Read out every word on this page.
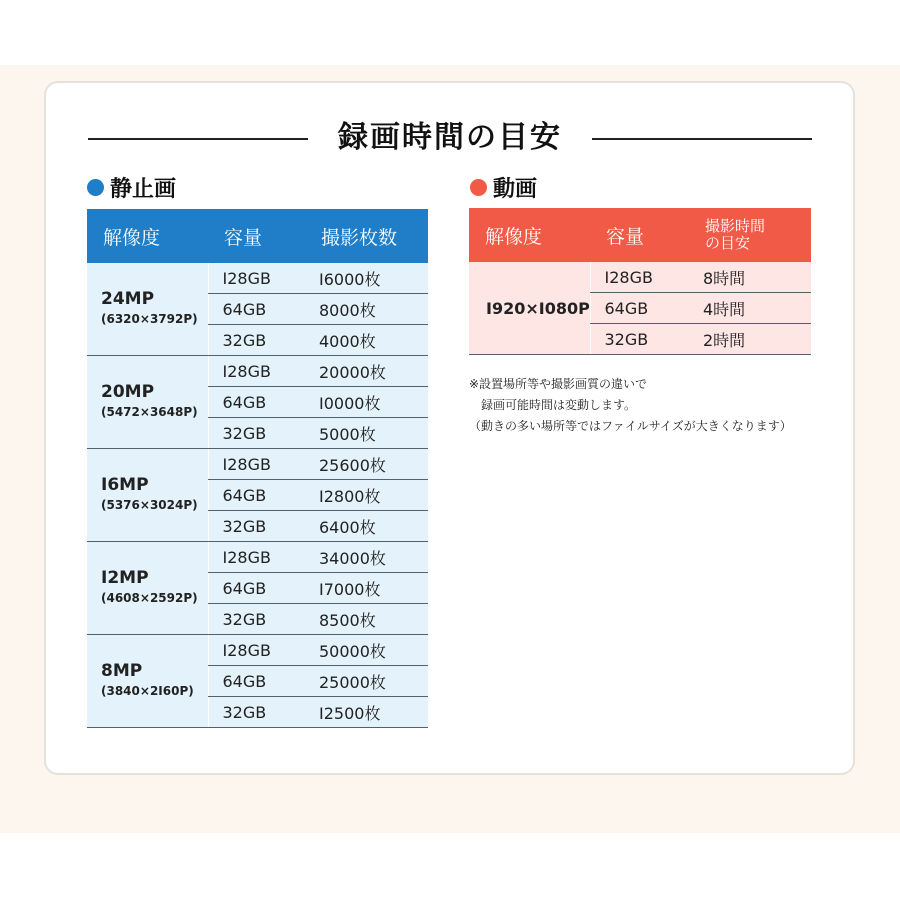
録画時間の目安
静止画	動画
解像度	容量	撮影枚数
24MP
(6320×3792P)	I28GB	I6000枚
	64GB	8000枚
	32GB	4000枚
20MP
(5472×3648P)	I28GB	20000枚
	64GB	I0000枚
	32GB	5000枚
I6MP
(5376×3024P)	I28GB	25600枚
	64GB	I2800枚
	32GB	6400枚
I2MP
(4608×2592P)	I28GB	34000枚
	64GB	I7000枚
	32GB	8500枚
8MP
(3840×2I60P)	I28GB	50000枚
	64GB	25000枚
	32GB	I2500枚
解像度	容量	撮影時間
の目安
I920×I080P	I28GB	8時間
	64GB	4時間
	32GB	2時間
※設置場所等や撮影画質の違いで
　録画可能時間は変動します。
（動きの多い場所等ではファイルサイズが大きくなります）
